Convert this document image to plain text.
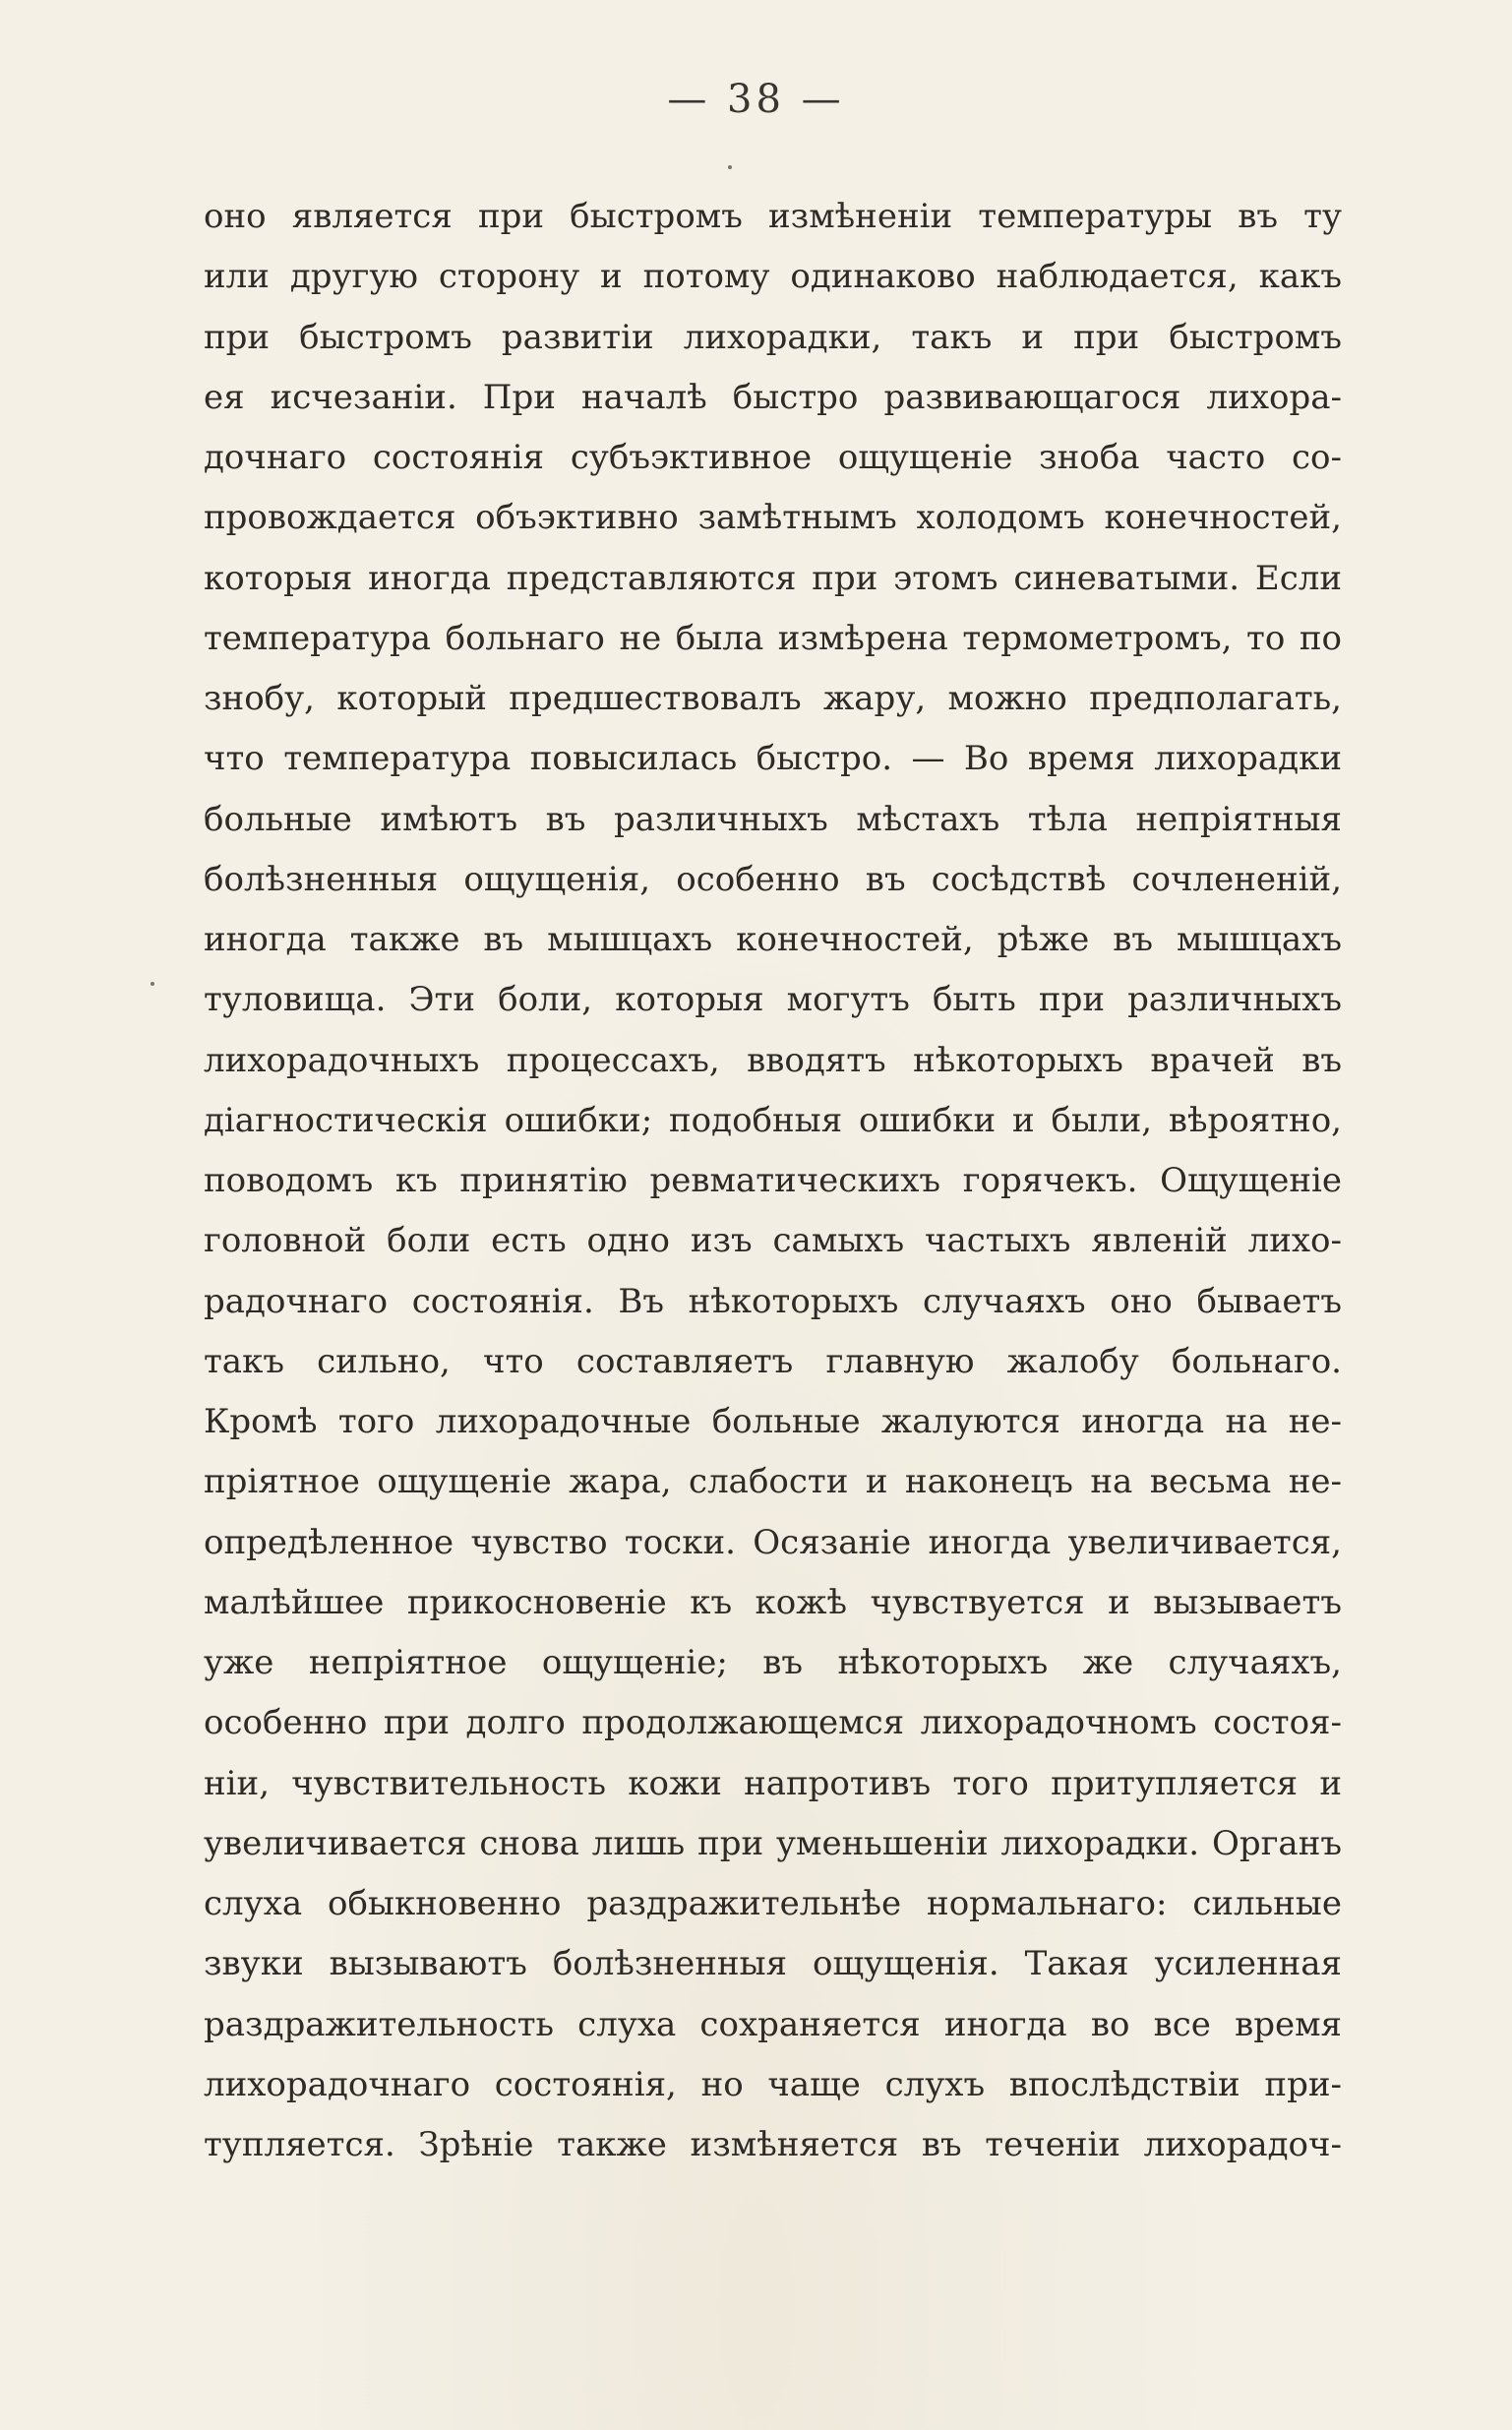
— 38 —
оно является при быстромъ измѣненіи температуры въ ту
или другую сторону и потому одинаково наблюдается, какъ
при быстромъ развитіи лихорадки, такъ и при быстромъ
ея исчезаніи. При началѣ быстро развивающагося лихора-
дочнаго состоянія субъэктивное ощущеніе зноба часто со-
провождается объэктивно замѣтнымъ холодомъ конечностей,
которыя иногда представляются при этомъ синеватыми. Если
температура больнаго не была измѣрена термометромъ, то по
знобу, который предшествовалъ жару, можно предполагать,
что температура повысилась быстро. — Во время лихорадки
больные имѣютъ въ различныхъ мѣстахъ тѣла непріятныя
болѣзненныя ощущенія, особенно въ сосѣдствѣ сочлененій,
иногда также въ мышцахъ конечностей, рѣже въ мышцахъ
туловища. Эти боли, которыя могутъ быть при различныхъ
лихорадочныхъ процессахъ, вводятъ нѣкоторыхъ врачей въ
діагностическія ошибки; подобныя ошибки и были, вѣроятно,
поводомъ къ принятію ревматическихъ горячекъ. Ощущеніе
головной боли есть одно изъ самыхъ частыхъ явленій лихо-
радочнаго состоянія. Въ нѣкоторыхъ случаяхъ оно бываетъ
такъ сильно, что составляетъ главную жалобу больнаго.
Кромѣ того лихорадочные больные жалуются иногда на не-
пріятное ощущеніе жара, слабости и наконецъ на весьма не-
опредѣленное чувство тоски. Осязаніе иногда увеличивается,
малѣйшее прикосновеніе къ кожѣ чувствуется и вызываетъ
уже непріятное ощущеніе; въ нѣкоторыхъ же случаяхъ,
особенно при долго продолжающемся лихорадочномъ состоя-
ніи, чувствительность кожи напротивъ того притупляется и
увеличивается снова лишь при уменьшеніи лихорадки. Органъ
слуха обыкновенно раздражительнѣе нормальнаго: сильные
звуки вызываютъ болѣзненныя ощущенія. Такая усиленная
раздражительность слуха сохраняется иногда во все время
лихорадочнаго состоянія, но чаще слухъ впослѣдствіи при-
тупляется. Зрѣніе также измѣняется въ теченіи лихорадоч-
